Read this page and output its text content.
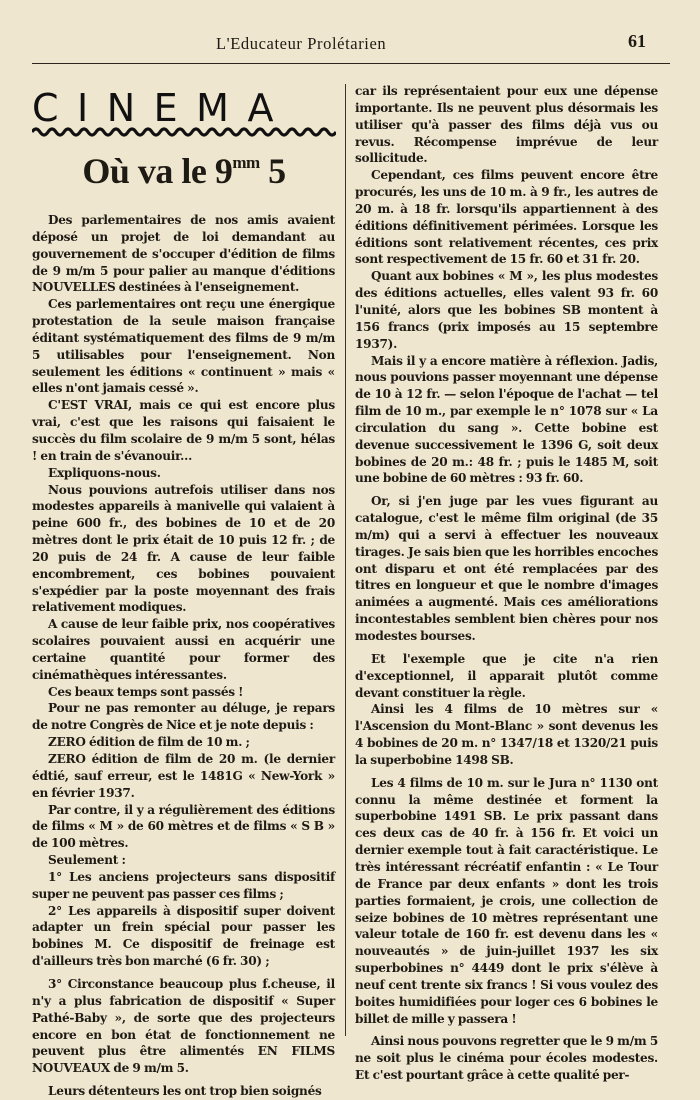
L'Educateur Prolétarien	61
CINEMA
Où va le $9^{mm}$ 5

Des parlementaires de nos amis avaient déposé un projet de loi demandant au gouvernement de s'occuper d'édition de films de 9 m/m 5 pour palier au manque d'éditions NOUVELLES destinées à l'enseignement.

Ces parlementaires ont reçu une énergique protestation de la seule maison française éditant systématiquement des films de 9 m/m 5 utilisables pour l'enseignement. Non seulement les éditions « continuent » mais « elles n'ont jamais cessé ».

C'EST VRAI, mais ce qui est encore plus vrai, c'est que les raisons qui faisaient le succès du film scolaire de 9 m/m 5 sont, hélas ! en train de s'évanouir...

Expliquons-nous.

Nous pouvions autrefois utiliser dans nos modestes appareils à manivelle qui valaient à peine 600 fr., des bobines de 10 et de 20 mètres dont le prix était de 10 puis 12 fr. ; de 20 puis de 24 fr. A cause de leur faible encombrement, ces bobines pouvaient s'expédier par la poste moyennant des frais relativement modiques.

A cause de leur faible prix, nos coopératives scolaires pouvaient aussi en acquérir une certaine quantité pour former des cinémathèques intéressantes.

Ces beaux temps sont passés !

Pour ne pas remonter au déluge, je repars de notre Congrès de Nice et je note depuis :

ZERO édition de film de 10 m. ;

ZERO édition de film de 20 m. (le dernier édtié, sauf erreur, est le 1481G « New-York » en février 1937.

Par contre, il y a régulièrement des éditions de films « M » de 60 mètres et de films « S B » de 100 mètres.

Seulement :

1° Les anciens projecteurs sans dispositif super ne peuvent pas passer ces films ;

2° Les appareils à dispositif super doivent adapter un frein spécial pour passer les bobines M. Ce dispositif de freinage est d'ailleurs très bon marché (6 fr. 30) ;

3° Circonstance beaucoup plus f.cheuse, il n'y a plus fabrication de dispositif « Super Pathé-Baby », de sorte que des projecteurs encore en bon état de fonctionnement ne peuvent plus être alimentés EN FILMS NOUVEAUX de 9 m/m 5.

Leurs détenteurs les ont trop bien soignés

car ils représentaient pour eux une dépense importante. Ils ne peuvent plus désormais les utiliser qu'à passer des films déjà vus ou revus. Récompense imprévue de leur sollicitude.

Cependant, ces films peuvent encore être procurés, les uns de 10 m. à 9 fr., les autres de 20 m. à 18 fr. lorsqu'ils appartiennent à des éditions définitivement périmées. Lorsque les éditions sont relativement récentes, ces prix sont respectivement de 15 fr. 60 et 31 fr. 20.

Quant aux bobines « M », les plus modestes des éditions actuelles, elles valent 93 fr. 60 l'unité, alors que les bobines SB montent à 156 francs (prix imposés au 15 septembre 1937).

Mais il y a encore matière à réflexion. Jadis, nous pouvions passer moyennant une dépense de 10 à 12 fr. — selon l'époque de l'achat — tel film de 10 m., par exemple le n° 1078 sur « La circulation du sang ». Cette bobine est devenue successivement le 1396 G, soit deux bobines de 20 m.: 48 fr. ; puis le 1485 M, soit une bobine de 60 mètres : 93 fr. 60.

Or, si j'en juge par les vues figurant au catalogue, c'est le même film original (de 35 m/m) qui a servi à effectuer les nouveaux tirages. Je sais bien que les horribles encoches ont disparu et ont été remplacées par des titres en longueur et que le nombre d'images animées a augmenté. Mais ces améliorations incontestables semblent bien chères pour nos modestes bourses.

Et l'exemple que je cite n'a rien d'exceptionnel, il apparait plutôt comme devant constituer la règle.

Ainsi les 4 films de 10 mètres sur « l'Ascension du Mont-Blanc » sont devenus les 4 bobines de 20 m. n° 1347/18 et 1320/21 puis la superbobine 1498 SB.

Les 4 films de 10 m. sur le Jura n° 1130 ont connu la même destinée et forment la superbobine 1491 SB. Le prix passant dans ces deux cas de 40 fr. à 156 fr. Et voici un dernier exemple tout à fait caractéristique. Le très intéressant récréatif enfantin : « Le Tour de France par deux enfants » dont les trois parties formaient, je crois, une collection de seize bobines de 10 mètres représentant une valeur totale de 160 fr. est devenu dans les « nouveautés » de juin-juillet 1937 les six superbobines n° 4449 dont le prix s'élève à neuf cent trente six francs ! Si vous voulez des boites humidifiées pour loger ces 6 bobines le billet de mille y passera !

Ainsi nous pouvons regretter que le 9 m/m 5 ne soit plus le cinéma pour écoles modestes. Et c'est pourtant grâce à cette qualité per-
